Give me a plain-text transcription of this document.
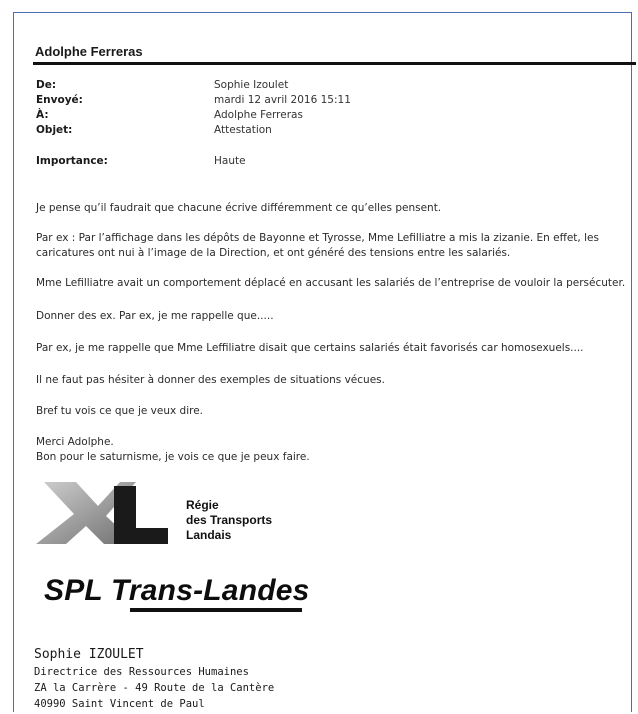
Adolphe Ferreras
De:	Sophie Izoulet
Envoyé:	mardi 12 avril 2016 15:11
À:	Adolphe Ferreras
Objet:	Attestation
Importance:	Haute
Je pense qu’il faudrait que chacune écrive différemment ce qu’elles pensent.
Par ex : Par l’affichage dans les dépôts de Bayonne et Tyrosse, Mme Lefilliatre a mis la zizanie. En effet, les caricatures ont nui à l’image de la Direction, et ont généré des tensions entre les salariés.
Mme Lefilliatre avait un comportement déplacé en accusant les salariés de l’entreprise de vouloir la persécuter.
Donner des ex. Par ex, je me rappelle que.....
Par ex, je me rappelle que Mme Leffiliatre disait que certains salariés était favorisés car homosexuels....
Il ne faut pas hésiter à donner des exemples de situations vécues.
Bref tu vois ce que je veux dire.
Merci Adolphe.
Bon pour le saturnisme, je vois ce que je peux faire.
Régie
des Transports
Landais
SPL Trans-Landes
Sophie IZOULET
Directrice des Ressources Humaines
ZA la Carrère - 49 Route de la Cantère
40990 Saint Vincent de Paul
